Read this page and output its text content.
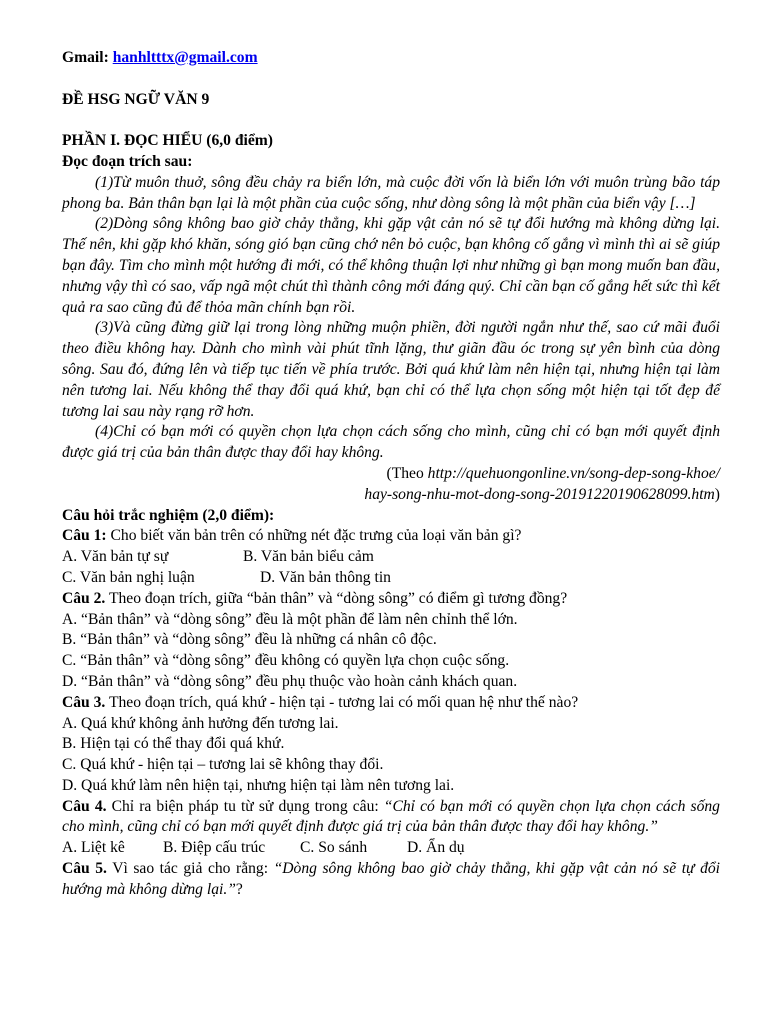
Gmail: hanhltttx@gmail.com
ĐỀ HSG NGỮ VĂN 9
PHẦN I. ĐỌC HIỂU (6,0 điểm)
Đọc đoạn trích sau:
(1)Từ muôn thuở, sông đều chảy ra biển lớn, mà cuộc đời vốn là biển lớn với muôn trùng bão táp phong ba. Bản thân bạn lại là một phần của cuộc sống, như dòng sông là một phần của biển vậy […]
(2)Dòng sông không bao giờ chảy thẳng, khi gặp vật cản nó sẽ tự đổi hướng mà không dừng lại. Thế nên, khi gặp khó khăn, sóng gió bạn cũng chớ nên bỏ cuộc, bạn không cố gắng vì mình thì ai sẽ giúp bạn đây. Tìm cho mình một hướng đi mới, có thể không thuận lợi như những gì bạn mong muốn ban đầu, nhưng vậy thì có sao, vấp ngã một chút thì thành công mới đáng quý. Chỉ cần bạn cố gắng hết sức thì kết quả ra sao cũng đủ để thỏa mãn chính bạn rồi.
(3)Và cũng đừng giữ lại trong lòng những muộn phiền, đời người ngắn như thế, sao cứ mãi đuổi theo điều không hay. Dành cho mình vài phút tĩnh lặng, thư giãn đầu óc trong sự yên bình của dòng sông. Sau đó, đứng lên và tiếp tục tiến về phía trước. Bởi quá khứ làm nên hiện tại, nhưng hiện tại làm nên tương lai. Nếu không thể thay đổi quá khứ, bạn chỉ có thể lựa chọn sống một hiện tại tốt đẹp để tương lai sau này rạng rỡ hơn.
(4)Chỉ có bạn mới có quyền chọn lựa chọn cách sống cho mình, cũng chỉ có bạn mới quyết định được giá trị của bản thân được thay đổi hay không.
(Theo http://quehuongonline.vn/song-dep-song-khoe/
hay-song-nhu-mot-dong-song-20191220190628099.htm)
Câu hỏi trắc nghiệm (2,0 điểm):
Câu 1: Cho biết văn bản trên có những nét đặc trưng của loại văn bản gì?
A. Văn bản tự sự	B. Văn bản biểu cảm
C. Văn bản nghị luận	D. Văn bản thông tin
Câu 2. Theo đoạn trích, giữa “bản thân” và “dòng sông” có điểm gì tương đồng?
A. “Bản thân” và “dòng sông” đều là một phần để làm nên chỉnh thể lớn.
B. “Bản thân” và “dòng sông” đều là những cá nhân cô độc.
C. “Bản thân” và “dòng sông” đều không có quyền lựa chọn cuộc sống.
D. “Bản thân” và “dòng sông” đều phụ thuộc vào hoàn cảnh khách quan.
Câu 3. Theo đoạn trích, quá khứ - hiện tại - tương lai có mối quan hệ như thế nào?
A. Quá khứ không ảnh hưởng đến tương lai.
B. Hiện tại có thể thay đổi quá khứ.
C. Quá khứ - hiện tại – tương lai sẽ không thay đổi.
D. Quá khứ làm nên hiện tại, nhưng hiện tại làm nên tương lai.
Câu 4. Chỉ ra biện pháp tu từ sử dụng trong câu: “Chỉ có bạn mới có quyền chọn lựa chọn cách sống cho mình, cũng chỉ có bạn mới quyết định được giá trị của bản thân được thay đổi hay không.”
A. Liệt kê B. Điệp cấu trúc C. So sánh	D. Ẩn dụ
Câu 5. Vì sao tác giả cho rằng: “Dòng sông không bao giờ chảy thẳng, khi gặp vật cản nó sẽ tự đổi hướng mà không dừng lại.”?
